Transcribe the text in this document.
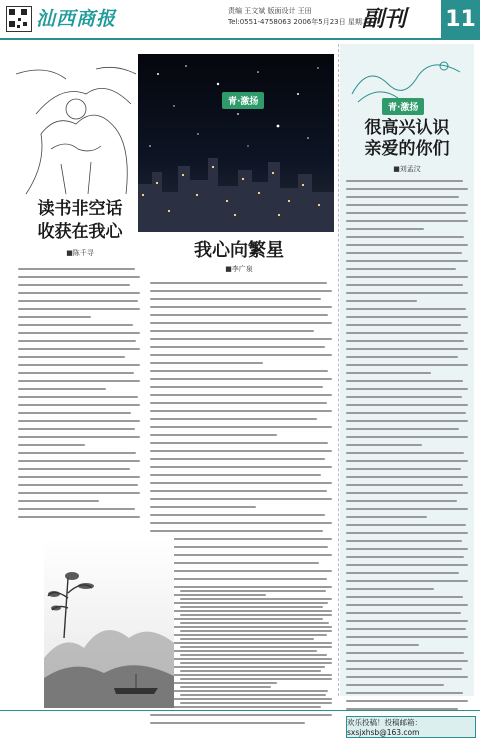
汕西商报	责编 王文斌 版面设计 王田
Tel:0551-4758063 2006年5月23日 星期二
副刊 11
读书非空话
收获在我心
■陈千寻
青·激扬
我心向繁星
■李广泉
青·激扬
很高兴认识
亲爱的你们
■刘孟汶
欢乐投稿！投稿邮箱：sxsjxhsb@163.com
